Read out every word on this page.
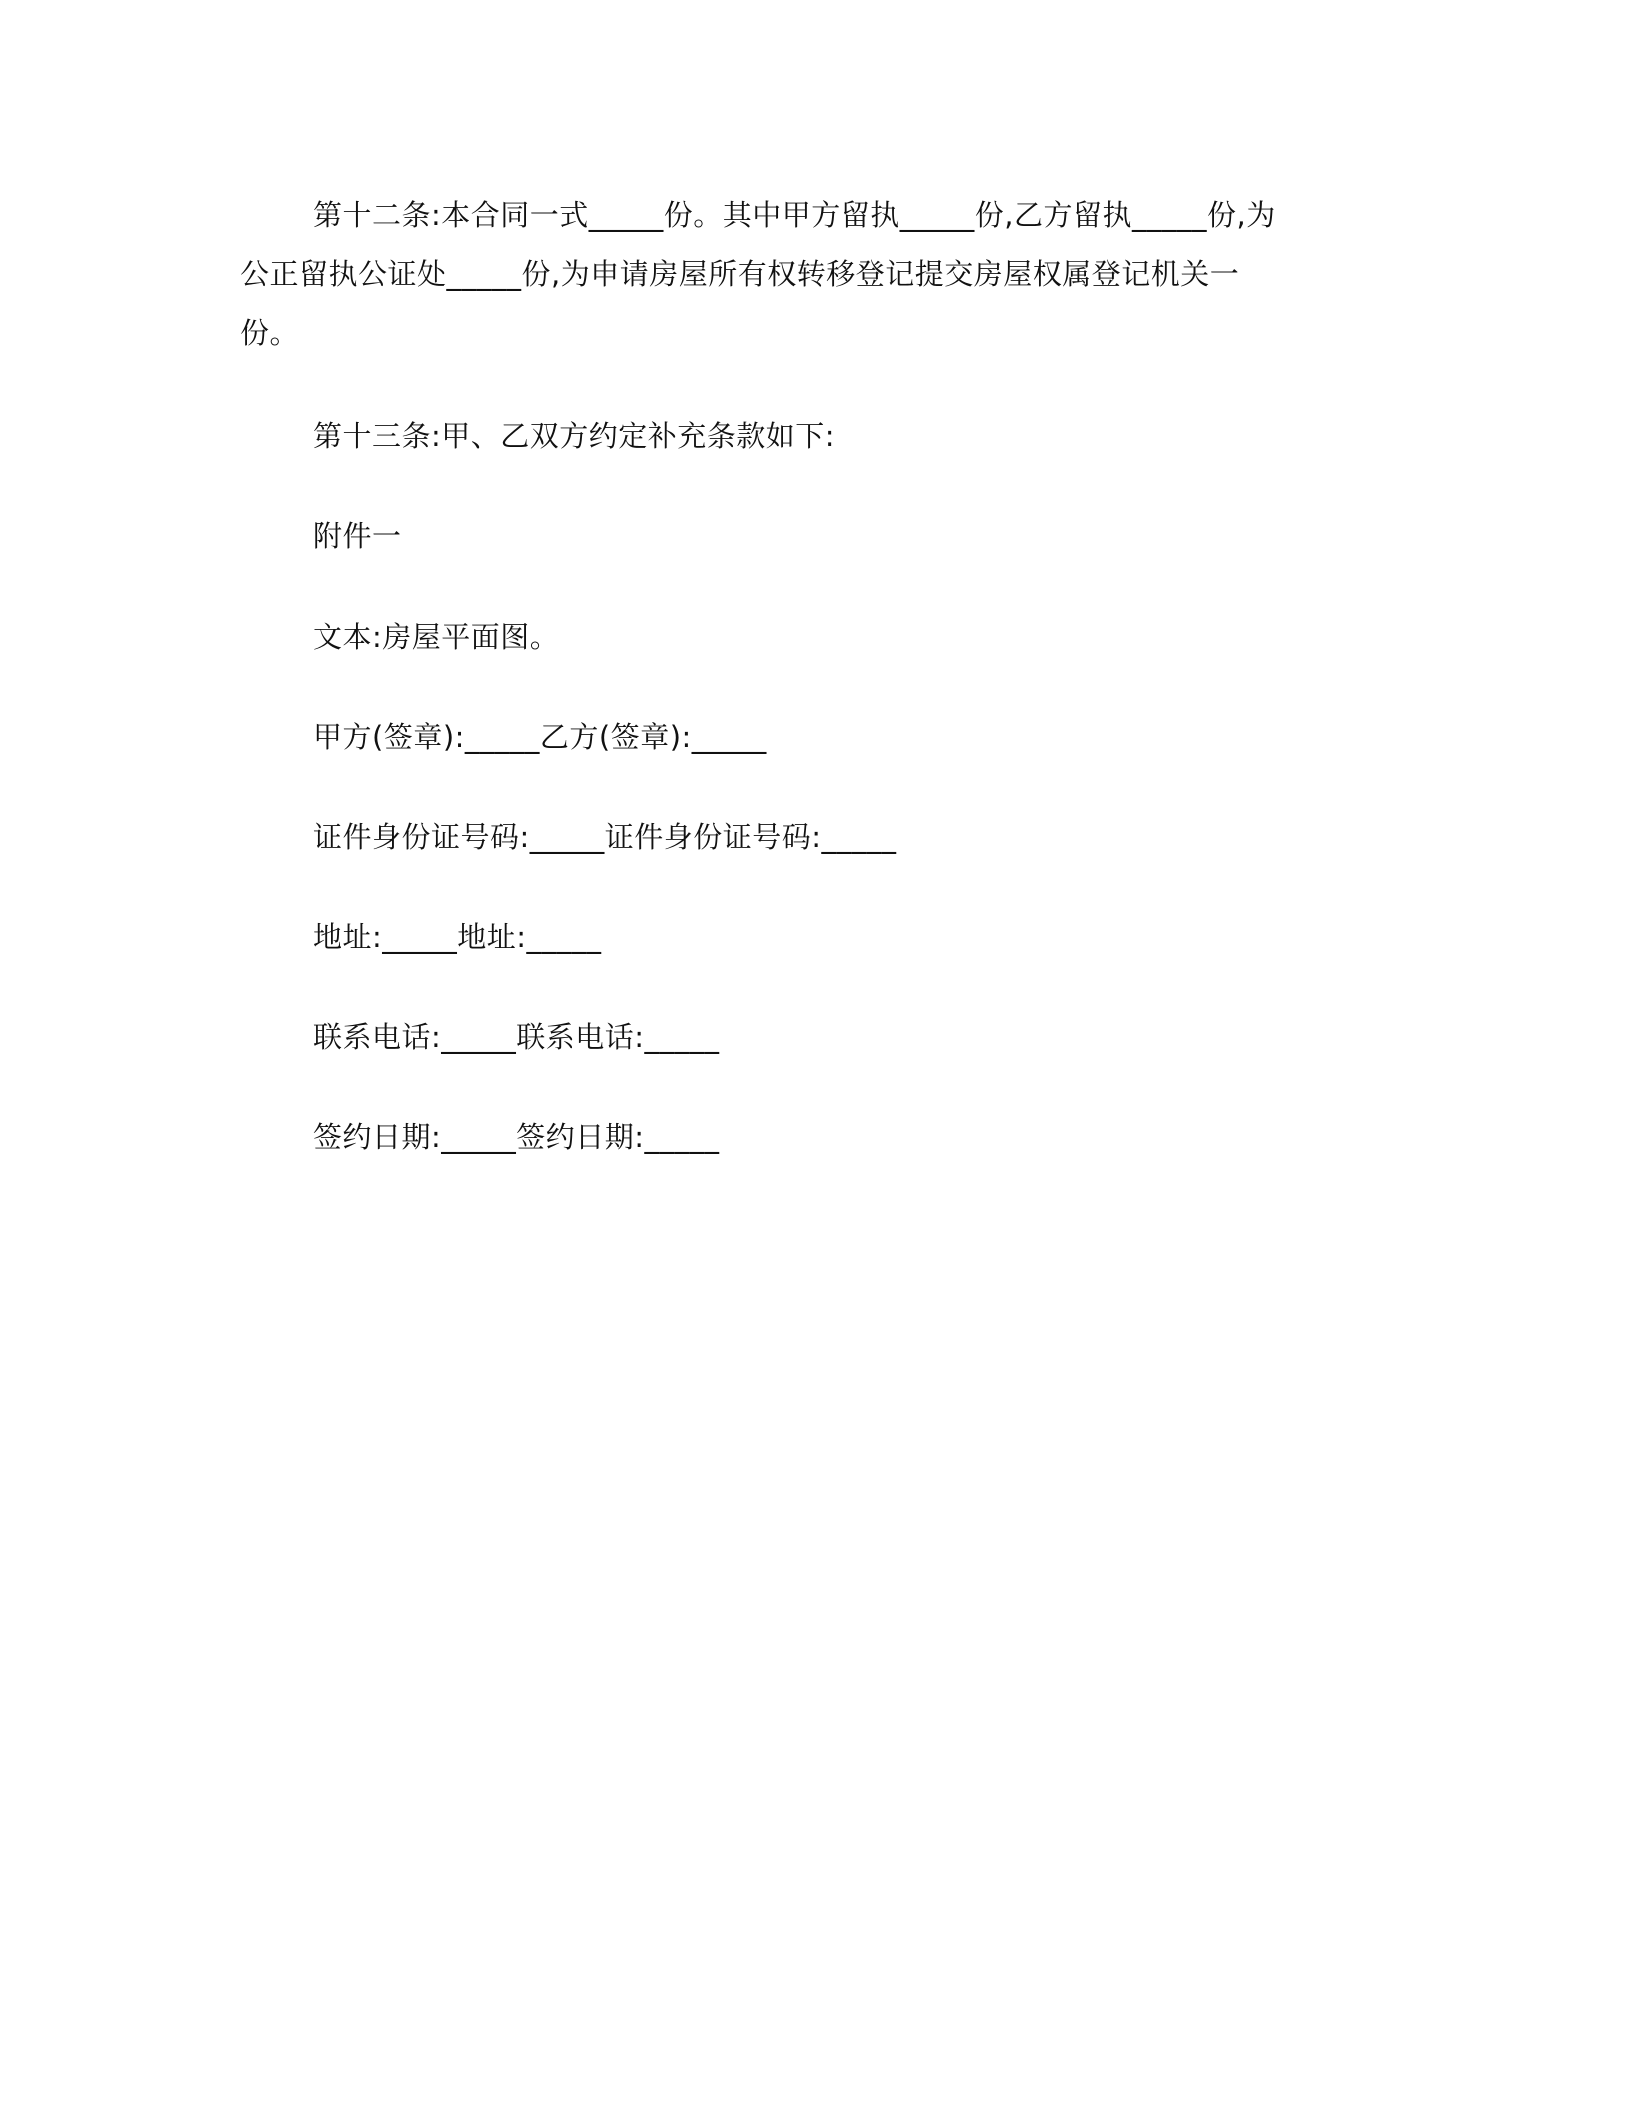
第十二条:本合同一式_____份。其中甲方留执_____份,乙方留执_____份,为
公正留执公证处_____份,为申请房屋所有权转移登记提交房屋权属登记机关一
份。
第十三条:甲、乙双方约定补充条款如下:
附件一
文本:房屋平面图。
甲方(签章):_____乙方(签章):_____
证件身份证号码:_____证件身份证号码:_____
地址:_____地址:_____
联系电话:_____联系电话:_____
签约日期:_____签约日期:_____
